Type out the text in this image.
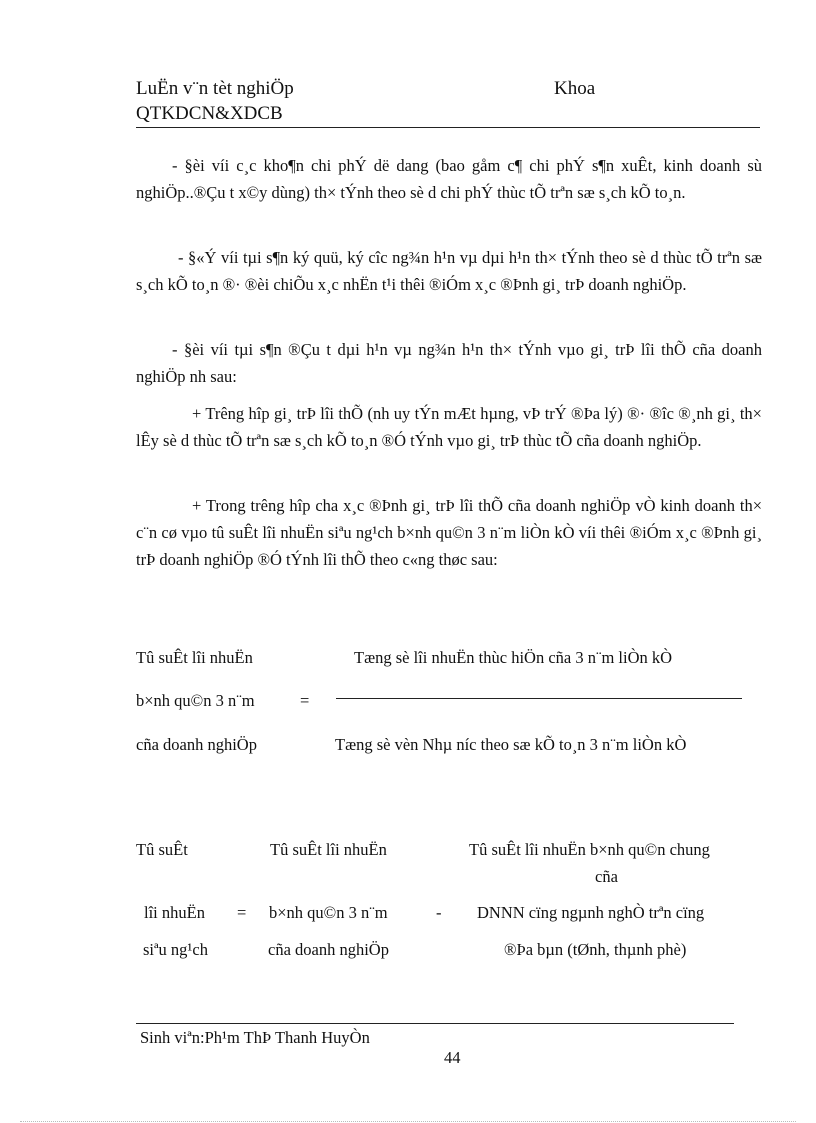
LuËn v¨n tèt nghiÖp	Khoa
QTKDCN&XDCB
- §èi víi c¸c kho¶n chi phÝ dë dang (bao gåm c¶ chi phÝ s¶n xuÊt, kinh doanh sù nghiÖp..®Çu t x©y dùng) th× tÝnh theo sè d chi phÝ thùc tÕ trªn sæ s¸ch kÕ to¸n.
- §«Ý víi tµi s¶n ký quü, ký cîc ng¾n h¹n vµ dµi h¹n th× tÝnh theo sè d thùc tÕ trªn sæ s¸ch kÕ to¸n ®· ®èi chiÕu x¸c nhËn t¹i thêi ®iÓm x¸c ®Þnh gi¸ trÞ doanh nghiÖp.
- §èi víi tµi s¶n ®Çu t dµi h¹n vµ ng¾n h¹n th× tÝnh vµo gi¸ trÞ lîi thÕ cña doanh nghiÖp nh sau:
+ Trêng hîp gi¸ trÞ lîi thÕ (nh uy tÝn mÆt hµng, vÞ trÝ ®Þa lý) ®· ®îc ®¸nh gi¸ th× lÊy sè d thùc tÕ trªn sæ s¸ch kÕ to¸n ®Ó tÝnh vµo gi¸ trÞ thùc tÕ cña doanh nghiÖp.
+ Trong trêng hîp cha x¸c ®Þnh gi¸ trÞ lîi thÕ cña doanh nghiÖp vÒ kinh doanh th× c¨n cø vµo tû suÊt lîi nhuËn siªu ng¹ch b×nh qu©n 3 n¨m liÒn kÒ víi thêi ®iÓm x¸c ®Þnh gi¸ trÞ doanh nghiÖp ®Ó tÝnh lîi thÕ theo c«ng thøc sau:
Tû suÊt lîi nhuËn
b×nh qu©n 3 n¨m
cña doanh nghiÖp
=
Tæng sè lîi nhuËn thùc hiÖn cña 3 n¨m liÒn kÒ
Tæng sè vèn Nhµ níc theo sæ kÕ to¸n 3 n¨m liÒn kÒ
Tû suÊt
lîi nhuËn
siªu ng¹ch
=
Tû suÊt lîi nhuËn
b×nh qu©n 3 n¨m
cña doanh nghiÖp
-
Tû suÊt lîi nhuËn b×nh qu©n chung
cña
DNNN cïng ngµnh nghÒ trªn cïng
®Þa bµn (tØnh, thµnh phè)
Sinh viªn:Ph¹m ThÞ Thanh HuyÒn
44
